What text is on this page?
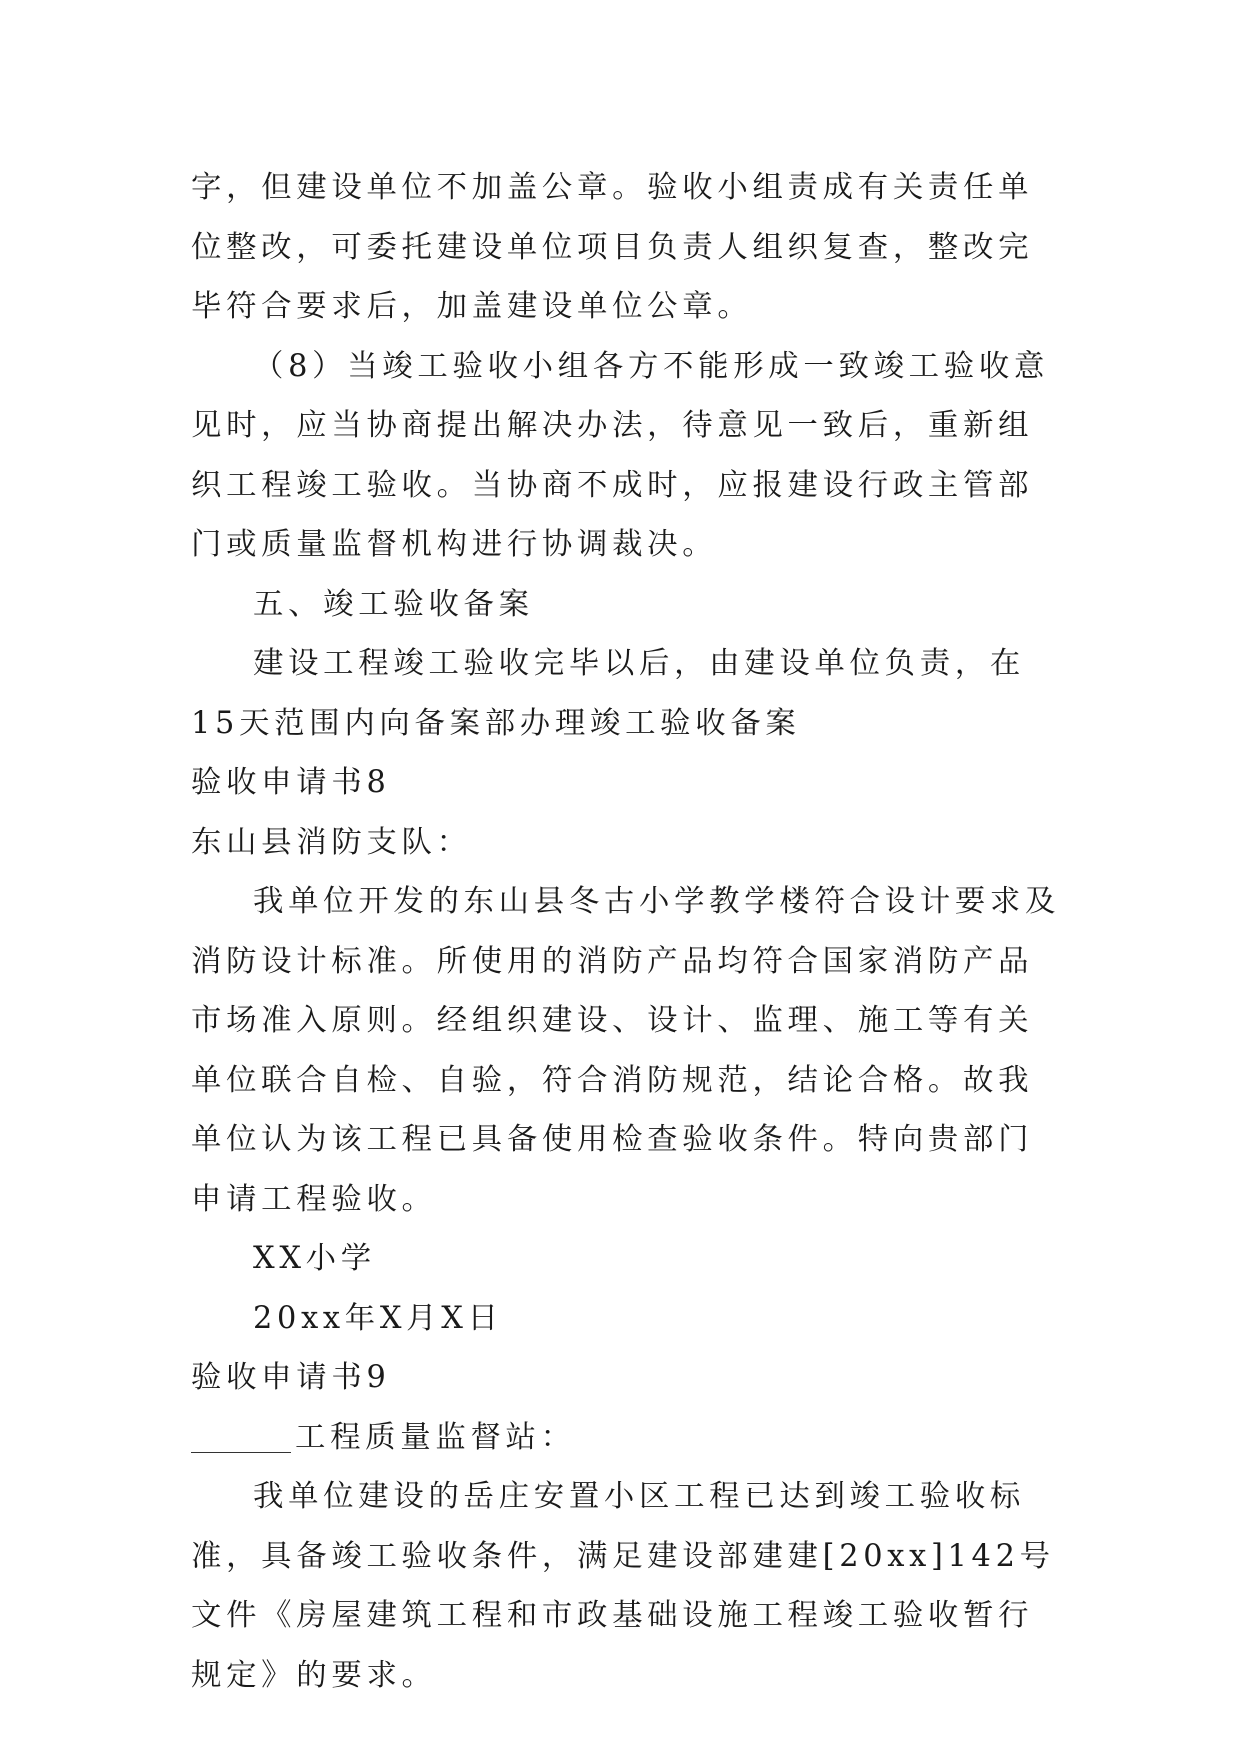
字，但建设单位不加盖公章。验收小组责成有关责任单位整改，可委托建设单位项目负责人组织复查，整改完毕符合要求后，加盖建设单位公章。

（8）当竣工验收小组各方不能形成一致竣工验收意见时，应当协商提出解决办法，待意见一致后，重新组织工程竣工验收。当协商不成时，应报建设行政主管部门或质量监督机构进行协调裁决。

五、竣工验收备案

建设工程竣工验收完毕以后，由建设单位负责，在15天范围内向备案部办理竣工验收备案

验收申请书8

东山县消防支队：

我单位开发的东山县冬古小学教学楼符合设计要求及消防设计标准。所使用的消防产品均符合国家消防产品市场准入原则。经组织建设、设计、监理、施工等有关单位联合自检、自验，符合消防规范，结论合格。故我单位认为该工程已具备使用检查验收条件。特向贵部门申请工程验收。

XX小学

20xx年X月X日

验收申请书9

工程质量监督站：

我单位建设的岳庄安置小区工程已达到竣工验收标准，具备竣工验收条件，满足建设部建建[20xx]142号文件《房屋建筑工程和市政基础设施工程竣工验收暂行规定》的要求。
